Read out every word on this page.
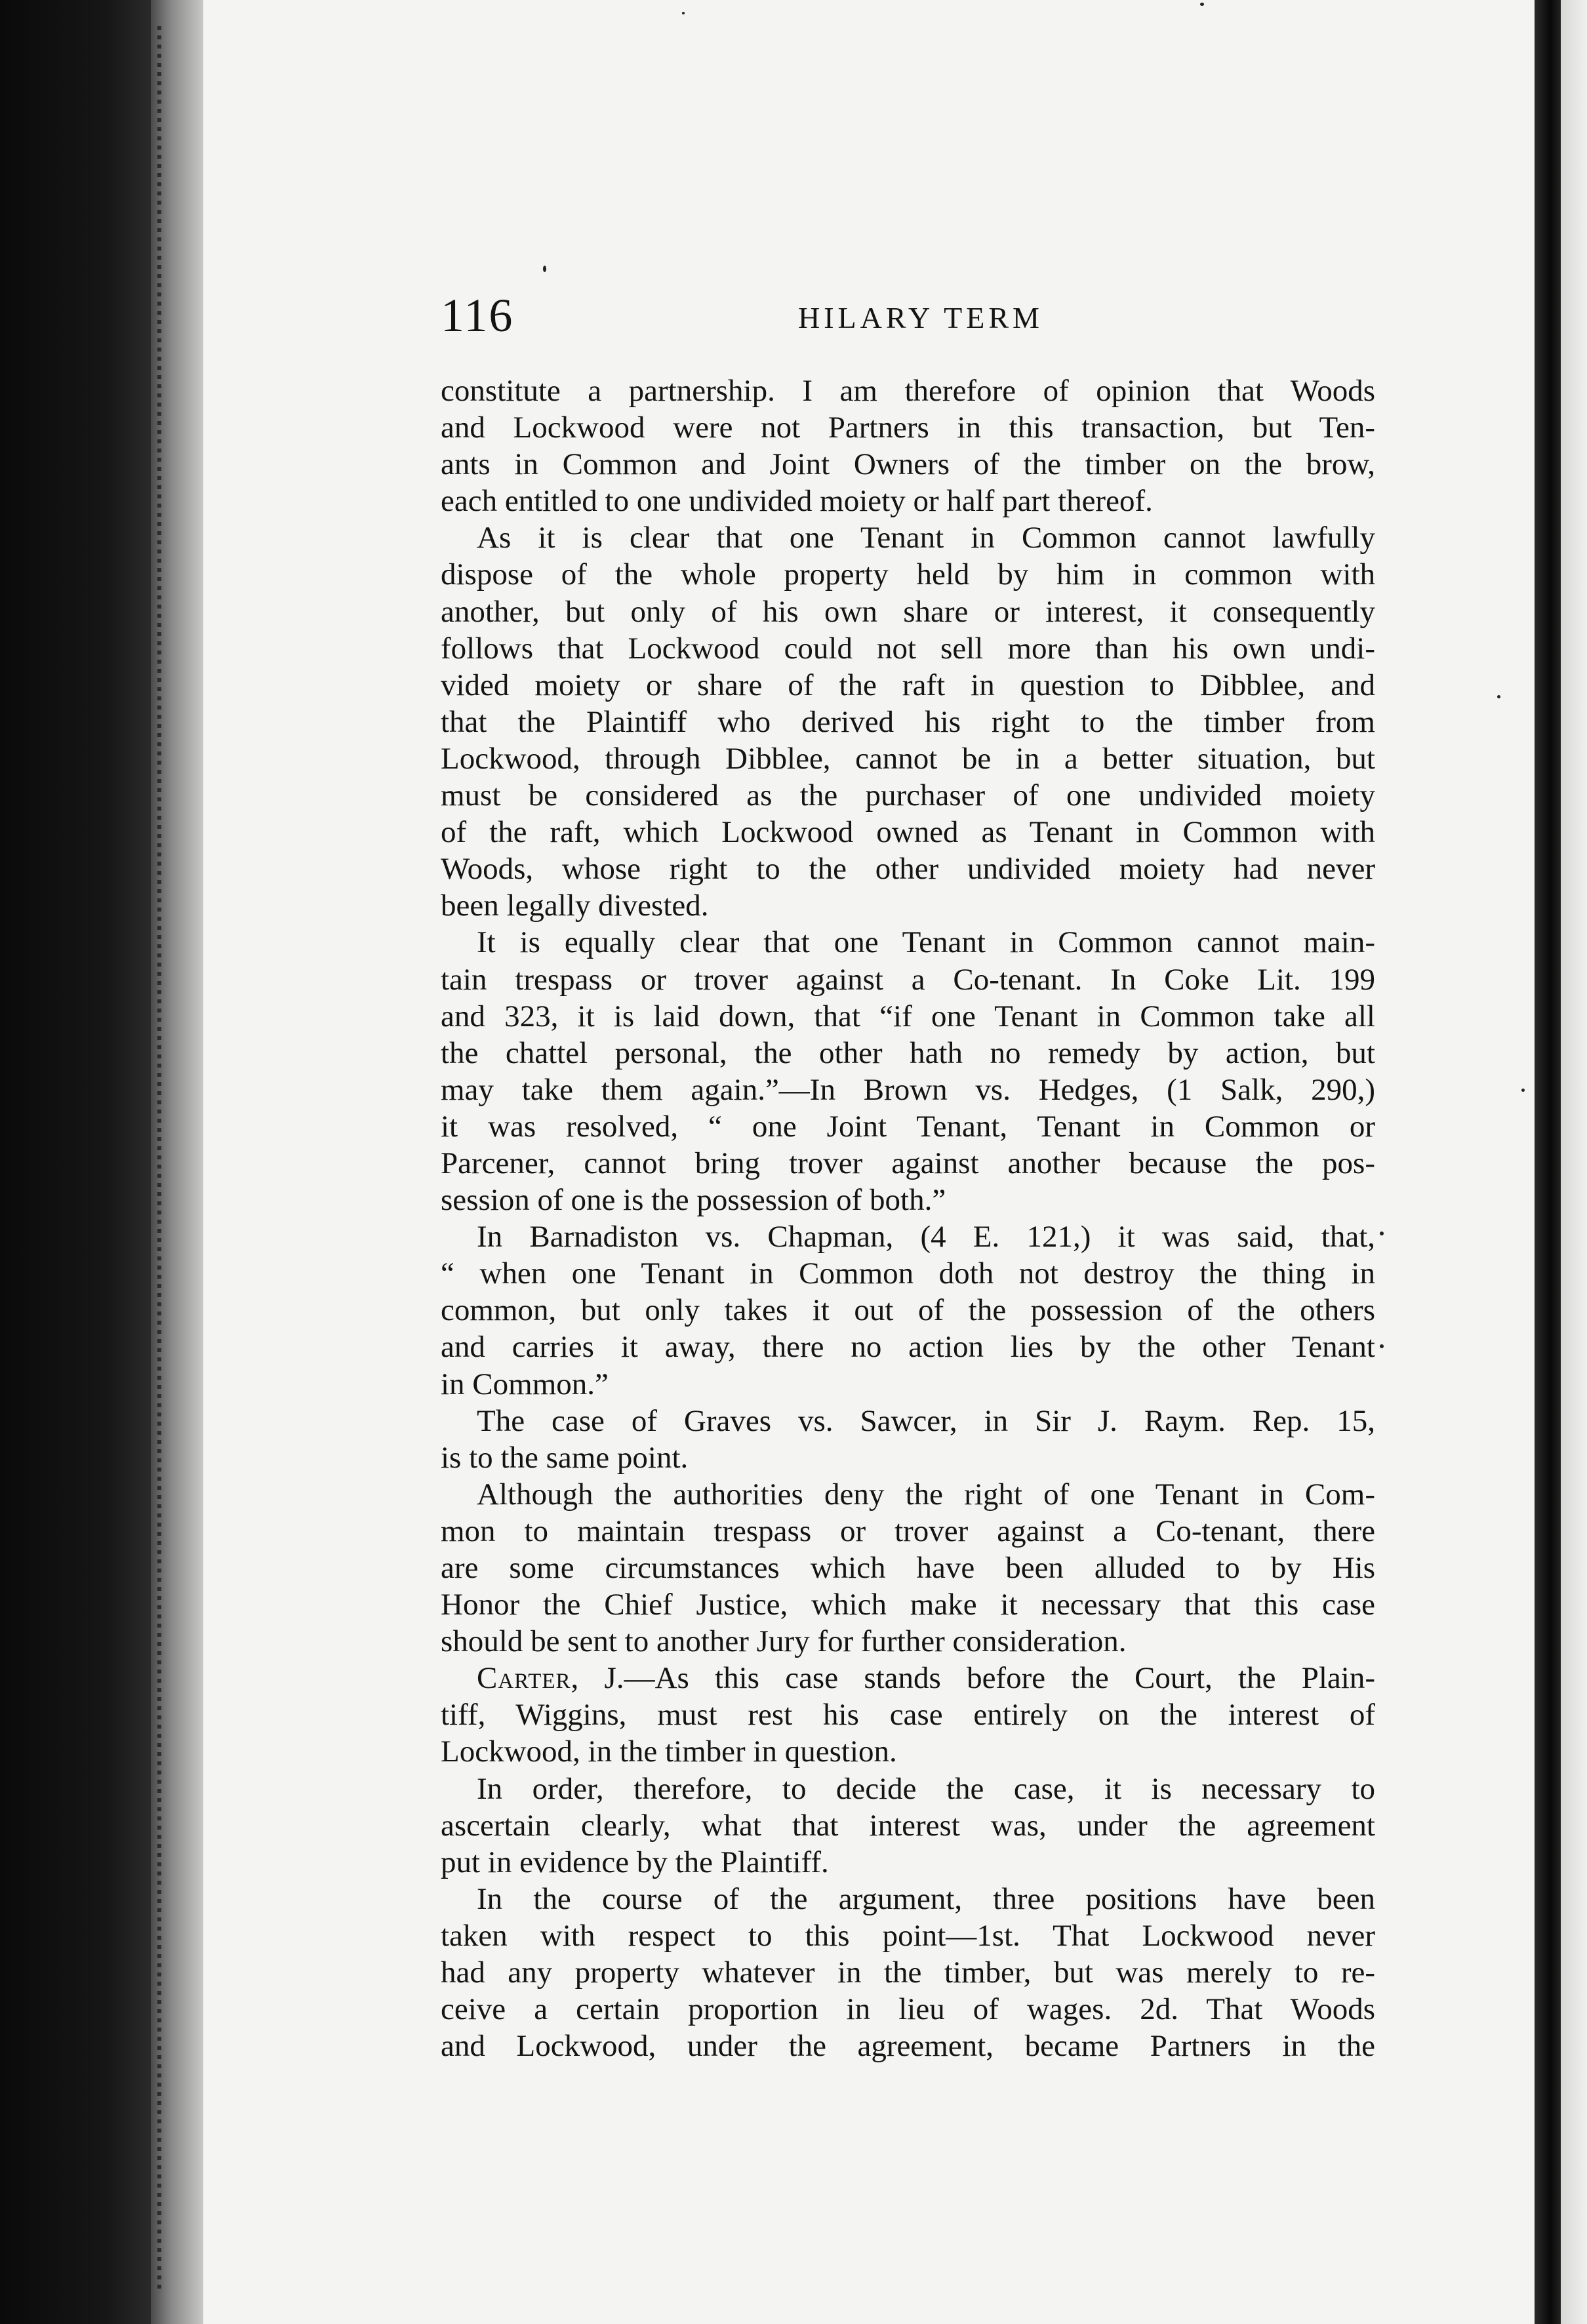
116	HILARY TERM
constitute a partnership. I am therefore of opinion that Woods
and Lockwood were not Partners in this transaction, but Ten-
ants in Common and Joint Owners of the timber on the brow,
each entitled to one undivided moiety or half part thereof.
As it is clear that one Tenant in Common cannot lawfully
dispose of the whole property held by him in common with
another, but only of his own share or interest, it consequently
follows that Lockwood could not sell more than his own undi-
vided moiety or share of the raft in question to Dibblee, and
that the Plaintiff who derived his right to the timber from
Lockwood, through Dibblee, cannot be in a better situation, but
must be considered as the purchaser of one undivided moiety
of the raft, which Lockwood owned as Tenant in Common with
Woods, whose right to the other undivided moiety had never
been legally divested.
It is equally clear that one Tenant in Common cannot main-
tain trespass or trover against a Co-tenant. In Coke Lit. 199
and 323, it is laid down, that “if one Tenant in Common take all
the chattel personal, the other hath no remedy by action, but
may take them again.”—In Brown vs. Hedges, (1 Salk, 290,)
it was resolved, “ one Joint Tenant, Tenant in Common or
Parcener, cannot bring trover against another because the pos-
session of one is the possession of both.”
In Barnadiston vs. Chapman, (4 E. 121,) it was said, that,
“ when one Tenant in Common doth not destroy the thing in
common, but only takes it out of the possession of the others
and carries it away, there no action lies by the other Tenant
in Common.”
The case of Graves vs. Sawcer, in Sir J. Raym. Rep. 15,
is to the same point.
Although the authorities deny the right of one Tenant in Com-
mon to maintain trespass or trover against a Co-tenant, there
are some circumstances which have been alluded to by His
Honor the Chief Justice, which make it necessary that this case
should be sent to another Jury for further consideration.
Carter, J.—As this case stands before the Court, the Plain-
tiff, Wiggins, must rest his case entirely on the interest of
Lockwood, in the timber in question.
In order, therefore, to decide the case, it is necessary to
ascertain clearly, what that interest was, under the agreement
put in evidence by the Plaintiff.
In the course of the argument, three positions have been
taken with respect to this point—1st. That Lockwood never
had any property whatever in the timber, but was merely to re-
ceive a certain proportion in lieu of wages. 2d. That Woods
and Lockwood, under the agreement, became Partners in the
